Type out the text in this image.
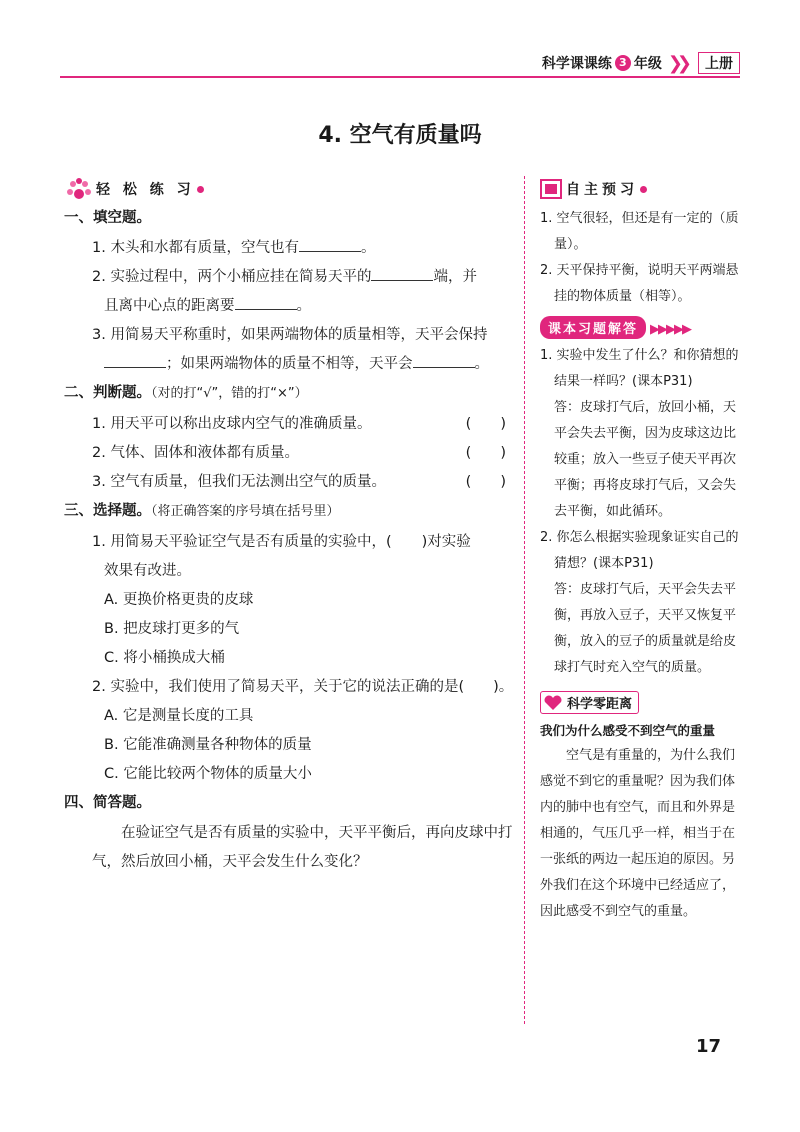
科学课课练 3 年级 ❯❯	上册
4. 空气有质量吗
轻 松 练 习
一、填空题。
1. 木头和水都有质量，空气也有	。
2. 实验过程中，两个小桶应挂在简易天平的	端，并
且离中心点的距离要	。
3. 用简易天平称重时，如果两端物体的质量相等，天平会保持
；如果两端物体的质量不相等，天平会	。
二、判断题。（对的打“√”，错的打“×”）
1. 用天平可以称出皮球内空气的准确质量。	(　　)
2. 气体、固体和液体都有质量。	(　　)
3. 空气有质量，但我们无法测出空气的质量。	(　　)
三、选择题。（将正确答案的序号填在括号里）
1. 用简易天平验证空气是否有质量的实验中，( )对实验
效果有改进。
A. 更换价格更贵的皮球
B. 把皮球打更多的气
C. 将小桶换成大桶
2. 实验中，我们使用了简易天平，关于它的说法正确的是(　　)。
A. 它是测量长度的工具
B. 它能准确测量各种物体的质量
C. 它能比较两个物体的质量大小
四、简答题。
在验证空气是否有质量的实验中，天平平衡后，再向皮球中打气，然后放回小桶，天平会发生什么变化？
自主预习
1. 空气很轻，但还是有一定的（质量）。
2. 天平保持平衡，说明天平两端悬挂的物体质量（相等）。
课本习题解答 ▶▶▶▶▶
1. 实验中发生了什么？和你猜想的结果一样吗？(课本P31)
答：皮球打气后，放回小桶，天平会失去平衡，因为皮球这边比较重；放入一些豆子使天平再次平衡；再将皮球打气后，又会失去平衡，如此循环。
2. 你怎么根据实验现象证实自己的猜想？(课本P31)
答：皮球打气后，天平会失去平衡，再放入豆子，天平又恢复平衡，放入的豆子的质量就是给皮球打气时充入空气的质量。
科学零距离
我们为什么感受不到空气的重量
空气是有重量的，为什么我们感觉不到它的重量呢？因为我们体内的肺中也有空气，而且和外界是相通的，气压几乎一样，相当于在一张纸的两边一起压迫的原因。另外我们在这个环境中已经适应了，因此感受不到空气的重量。
17
